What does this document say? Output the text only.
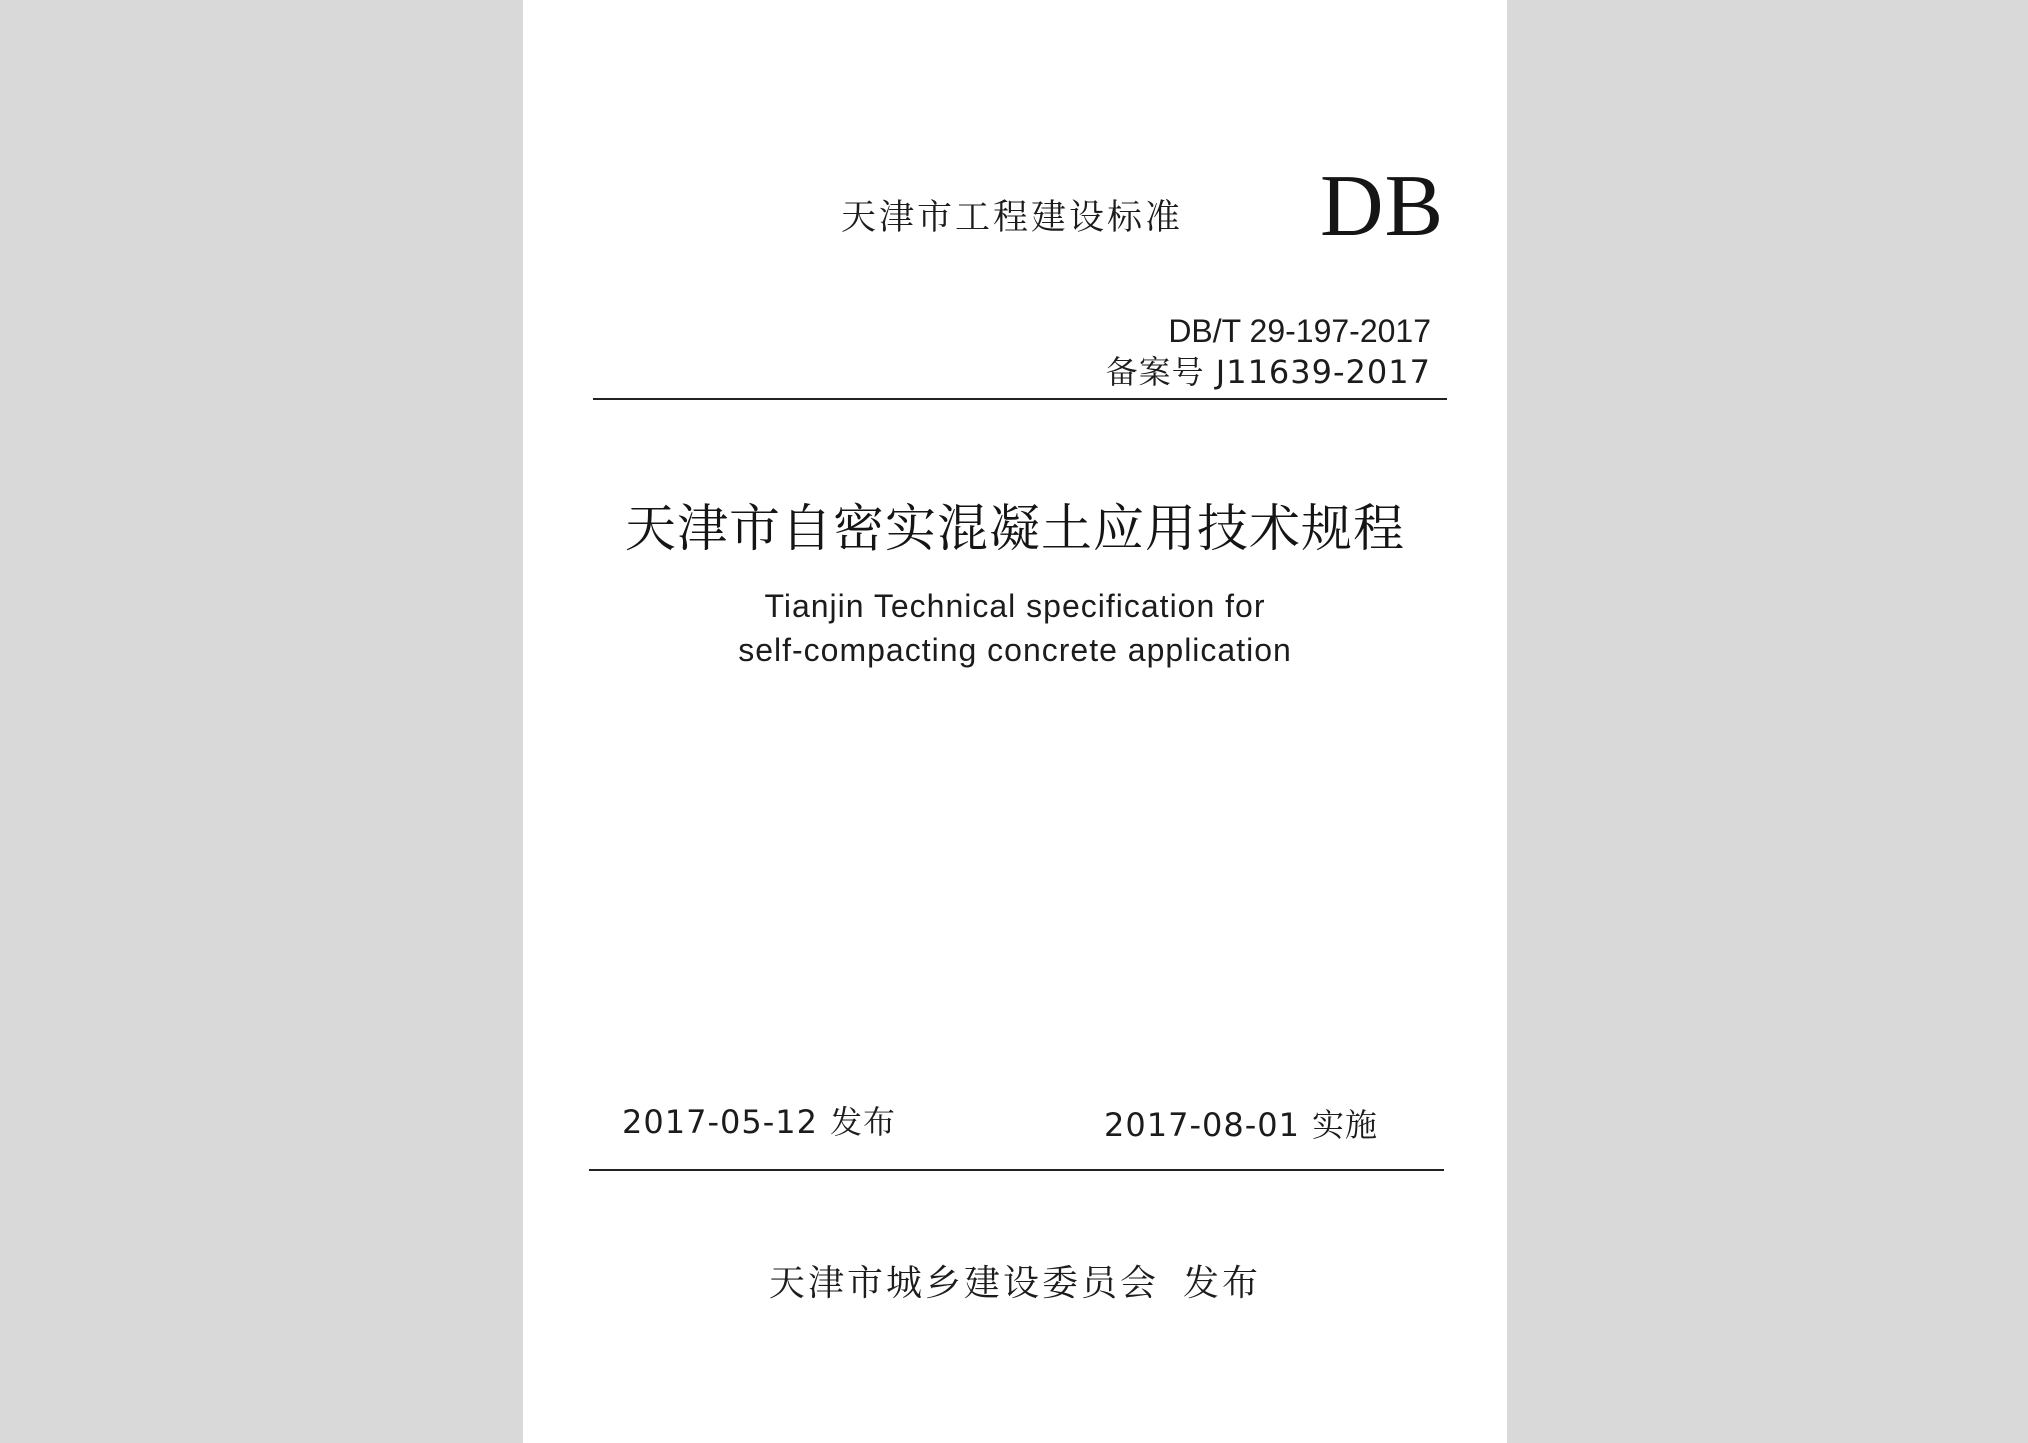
天津市工程建设标准 DB
DB/T 29-197-2017
备案号 J11639-2017
天津市自密实混凝土应用技术规程
Tianjin Technical specification for
self-compacting concrete application
2017-05-12 发布	2017-08-01 实施
天津市城乡建设委员会 发布
